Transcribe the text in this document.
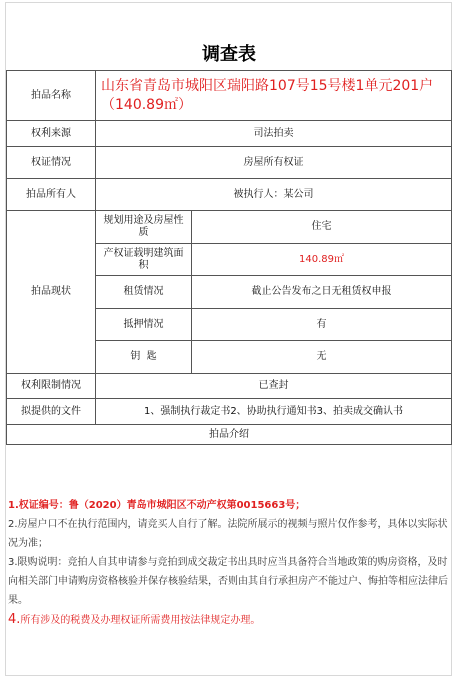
调查表
拍品名称	山东省青岛市城阳区瑞阳路107号15号楼1单元201户（140.89㎡）	
权利来源	司法拍卖	
权证情况	房屋所有权证	
拍品所有人	被执行人：某公司	
拍品现状	规划用途及房屋性质	住宅
	产权证载明建筑面积	140.89㎡
	租赁情况	截止公告发布之日无租赁权申报
	抵押情况	有
	钥  匙	无
权利限制情况	已查封	
拟提供的文件	1、强制执行裁定书2、协助执行通知书3、拍卖成交确认书	
拍品介绍		

1.权证编号：鲁（2020）青岛市城阳区不动产权第0015663号；

2.房屋户口不在执行范围内，请竞买人自行了解。法院所展示的视频与照片仅作参考，具体以实际状况为准；

3.限购说明：竞拍人自其申请参与竞拍到成交裁定书出具时应当具备符合当地政策的购房资格，及时向相关部门申请购房资格核验并保存核验结果，否则由其自行承担房产不能过户、悔拍等相应法律后果。

4.所有涉及的税费及办理权证所需费用按法律规定办理。
